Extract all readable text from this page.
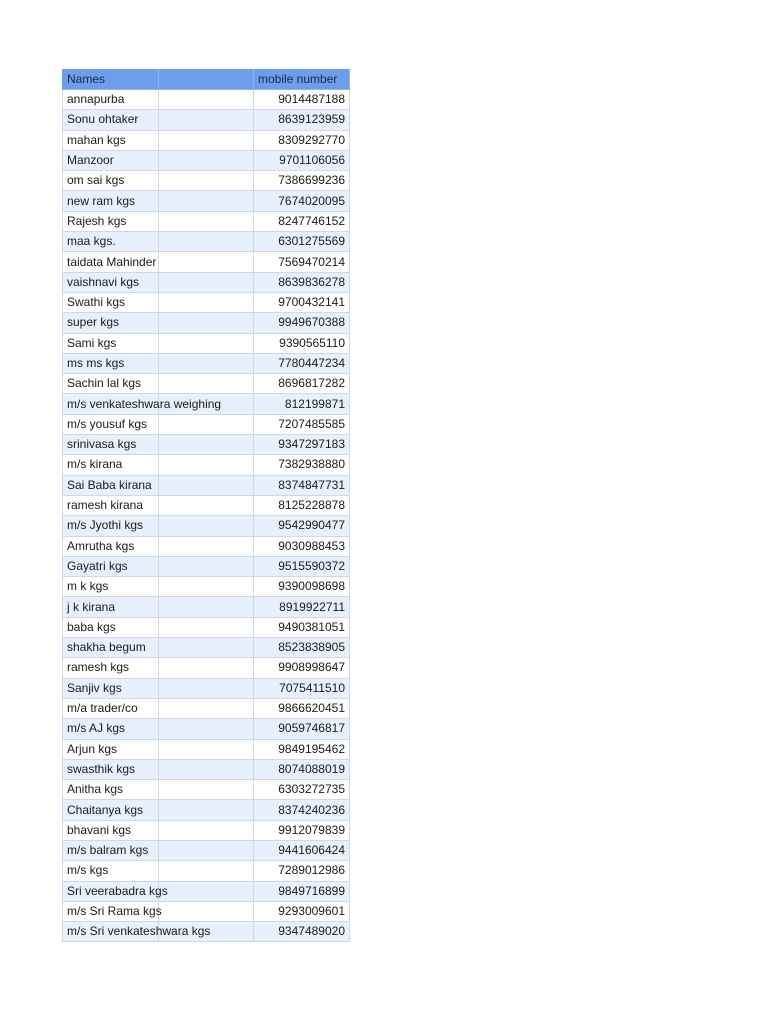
Names		mobile number
annapurba		9014487188
Sonu ohtaker		8639123959
mahan kgs		8309292770
Manzoor		9701106056
om sai kgs		7386699236
new ram kgs		7674020095
Rajesh kgs		8247746152
maa kgs.		6301275569
taidata Mahinder		7569470214
vaishnavi kgs		8639836278
Swathi kgs		9700432141
super kgs		9949670388
Sami kgs		9390565110
ms ms kgs		7780447234
Sachin lal kgs		8696817282
m/s venkateshwara weighing		812199871
m/s yousuf kgs		7207485585
srinivasa kgs		9347297183
m/s kirana		7382938880
Sai Baba kirana		8374847731
ramesh kirana		8125228878
m/s Jyothi kgs		9542990477
Amrutha kgs		9030988453
Gayatri kgs		9515590372
m k kgs		9390098698
j k kirana		8919922711
baba kgs		9490381051
shakha begum		8523838905
ramesh kgs		9908998647
Sanjiv kgs		7075411510
m/a trader/co		9866620451
m/s AJ kgs		9059746817
Arjun kgs		9849195462
swasthik kgs		8074088019
Anitha kgs		6303272735
Chaitanya kgs		8374240236
bhavani kgs		9912079839
m/s balram kgs		9441606424
m/s kgs		7289012986
Sri veerabadra kgs		9849716899
m/s Sri Rama kgs		9293009601
m/s Sri venkateshwara kgs		9347489020
